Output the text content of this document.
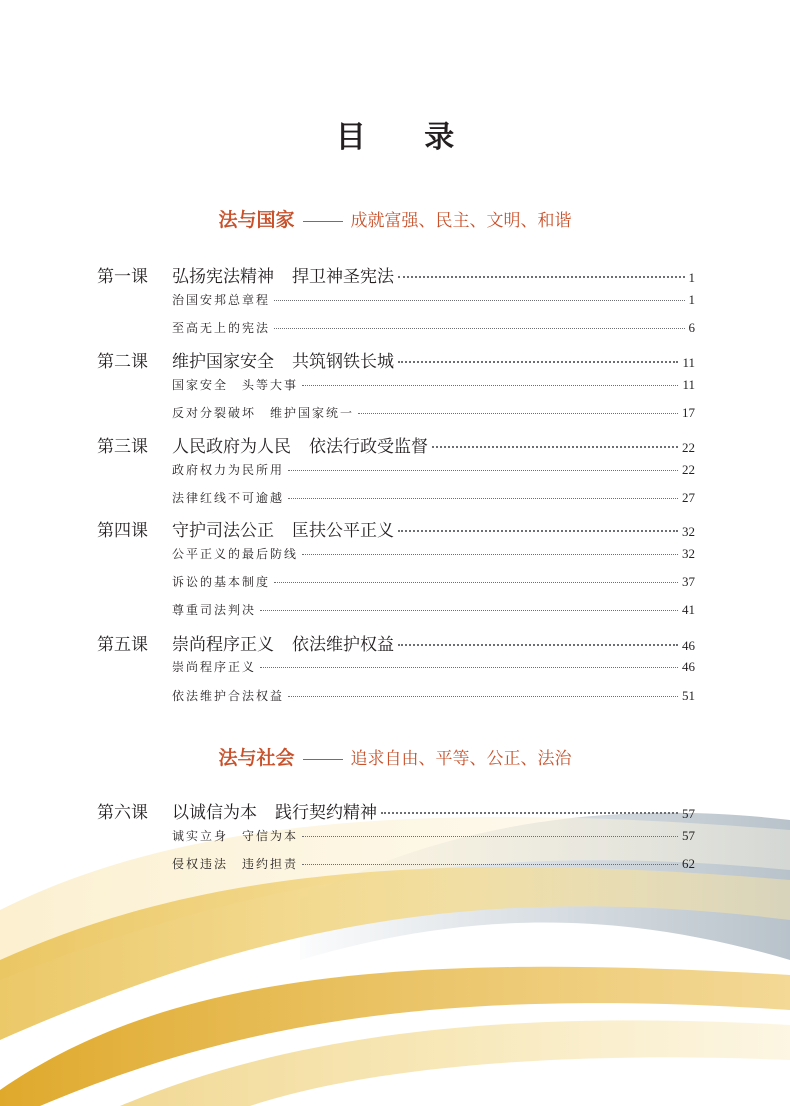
目 录
法与国家	成就富强、民主、文明、和谐
第一课	弘扬宪法精神 捍卫神圣宪法	1
治国安邦总章程	1
至高无上的宪法	6
第二课	维护国家安全 共筑钢铁长城	11
国家安全　头等大事	11
反对分裂破坏　维护国家统一	17
第三课	人民政府为人民 依法行政受监督	22
政府权力为民所用	22
法律红线不可逾越	27
第四课	守护司法公正 匡扶公平正义	32
公平正义的最后防线	32
诉讼的基本制度	37
尊重司法判决	41
第五课	崇尚程序正义 依法维护权益	46
崇尚程序正义	46
依法维护合法权益	51
法与社会	追求自由、平等、公正、法治
第六课	以诚信为本 践行契约精神	57
诚实立身　守信为本	57
侵权违法　违约担责	62
